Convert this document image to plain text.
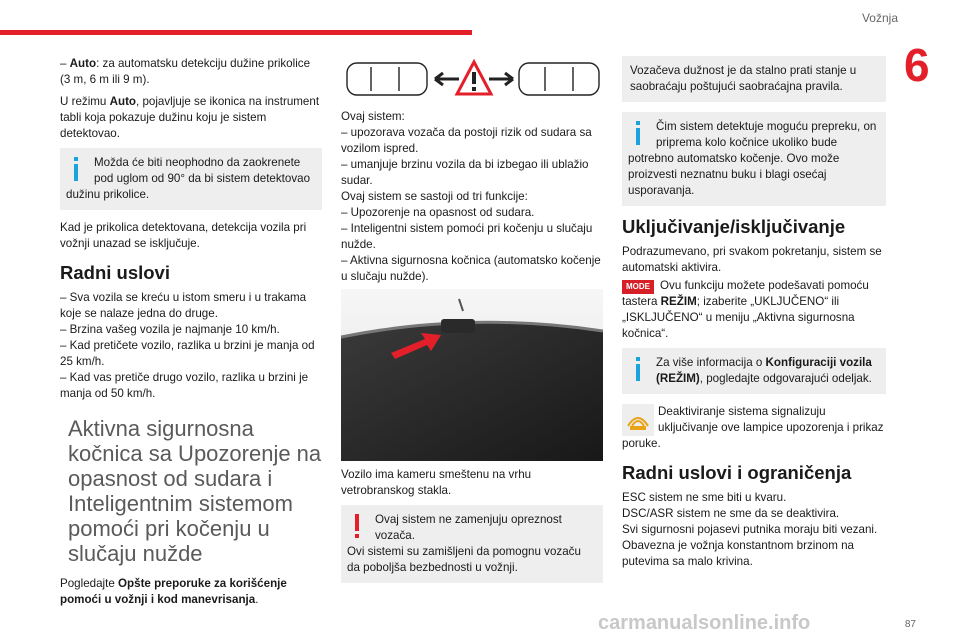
Vožnja
6

– Auto: za automatsku detekciju dužine prikolice (3 m, 6 m ili 9 m).

U režimu Auto, pojavljuje se ikonica na instrument tabli koja pokazuje dužinu koju je sistem detektovao.

Možda će biti neophodno da zaokrenete pod uglom od 90° da bi sistem detektovao dužinu prikolice.

Kad je prikolica detektovana, detekcija vozila pri vožnji unazad se isključuje.

Radni uslovi
– Sva vozila se kreću u istom smeru i u trakama koje se nalaze jedna do druge.
– Brzina vašeg vozila je najmanje 10 km/h.
– Kad pretičete vozilo, razlika u brzini je manja od 25 km/h.
– Kad vas pretiče drugo vozilo, razlika u brzini je manja od 50 km/h.
Aktivna sigurnosna kočnica sa Upozorenje na opasnost od sudara i Inteligentnim sistemom pomoći pri kočenju u slučaju nužde

Pogledajte Opšte preporuke za korišćenje pomoći u vožnji i kod manevrisanja.

Ovaj sistem:
– upozorava vozača da postoji rizik od sudara sa vozilom ispred.
– umanjuje brzinu vozila da bi izbegao ili ublažio sudar.
Ovaj sistem se sastoji od tri funkcije:
– Upozorenje na opasnost od sudara.
– Inteligentni sistem pomoći pri kočenju u slučaju nužde.
– Aktivna sigurnosna kočnica (automatsko kočenje u slučaju nužde).

Vozilo ima kameru smeštenu na vrhu vetrobranskog stakla.

Ovaj sistem ne zamenjuju opreznost vozača.
Ovi sistemi su zamišljeni da pomognu vozaču da poboljša bezbednosti u vožnji.
Vozačeva dužnost je da stalno prati stanje u saobraćaju poštujući saobraćajna pravila.
Čim sistem detektuje moguću prepreku, on priprema kolo kočnice ukoliko bude potrebno automatsko kočenje. Ovo može proizvesti neznatnu buku i blagi osećaj usporavanja.
Uključivanje/isključivanje

Podrazumevano, pri svakom pokretanju, sistem se automatski aktivira.

MODE Ovu funkciju možete podešavati pomoću tastera REŽIM; izaberite „UKLJUČENO“ ili „ISKLJUČENO“ u meniju „Aktivna sigurnosna kočnica“.

Za više informacija o Konfiguraciji vozila (REŽIM), pogledajte odgovarajući odeljak.

Deaktiviranje sistema signalizuju uključivanje ove lampice upozorenja i prikaz poruke.

Radni uslovi i ograničenja
ESC sistem ne sme biti u kvaru.
DSC/ASR sistem ne sme da se deaktivira.
Svi sigurnosni pojasevi putnika moraju biti vezani.
Obavezna je vožnja konstantnom brzinom na putevima sa malo krivina.
87
carmanualsonline.info
